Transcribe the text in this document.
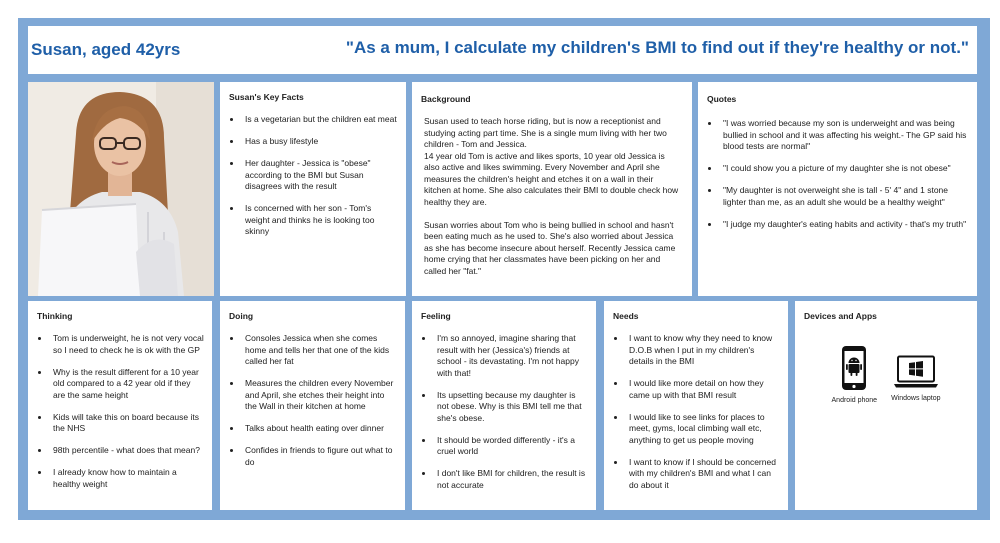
Susan, aged 42yrs	"As a mum, I calculate my children's BMI to find out if they're healthy or not."
Susan's Key Facts
• Is a vegetarian but the children eat meat
• Has a busy lifestyle
• Her daughter - Jessica is "obese" according to the BMI but Susan disagrees with the result
• Is concerned with her son - Tom's weight and thinks he is looking too skinny
Background

Susan used to teach horse riding, but is now a receptionist and studying acting part time. She is a single mum living with her two children - Tom and Jessica.
14 year old Tom is active and likes sports, 10 year old Jessica is also active and likes swimming. Every November and April she measures the children's height and etches it on a wall in their kitchen at home. She also calculates their BMI to double check how healthy they are.

Susan worries about Tom who is being bullied in school and hasn't been eating much as he used to. She's also worried about Jessica as she has become insecure about herself. Recently Jessica came home crying that her classmates have been picking on her and called her "fat."

Quotes
• "I was worried because my son is underweight and was being bullied in school and it was affecting his weight.- The GP said his blood tests are normal"
• "I could show you a picture of my daughter she is not obese"
• "My daughter is not overweight she is tall - 5' 4" and 1 stone lighter than me, as an adult she would be a healthy weight"
• "I judge my daughter's eating habits and activity - that's my truth"
Thinking
• Tom is underweight, he is not very vocal so I need to check he is ok with the GP
• Why is the result different for a 10 year old compared to a 42 year old if they are the same height
• Kids will take this on board because its the NHS
• 98th percentile - what does that mean?
• I already know how to maintain a healthy weight
Doing
• Consoles Jessica when she comes home and tells her that one of the kids called her fat
• Measures the children every November and April, she etches their height into the Wall in their kitchen at home
• Talks about health eating over dinner
• Confides in friends to figure out what to do
Feeling
• I'm so annoyed, imagine sharing that result with her (Jessica's) friends at school - its devastating. I'm not happy with that!
• Its upsetting because my daughter is not obese. Why is this BMI tell me that she's obese.
• It should be worded differently - it's a cruel world
• I don't like BMI for children, the result is not accurate
Needs
• I want to know why they need to know D.O.B when I put in my children's details in the BMI
• I would like more detail on how they came up with that BMI result
• I would like to see links for places to meet, gyms, local climbing wall etc, anything to get us people moving
• I want to know if I should be concerned with my children's BMI and what I can do about it
Devices and Apps
Android phone Windows laptop
